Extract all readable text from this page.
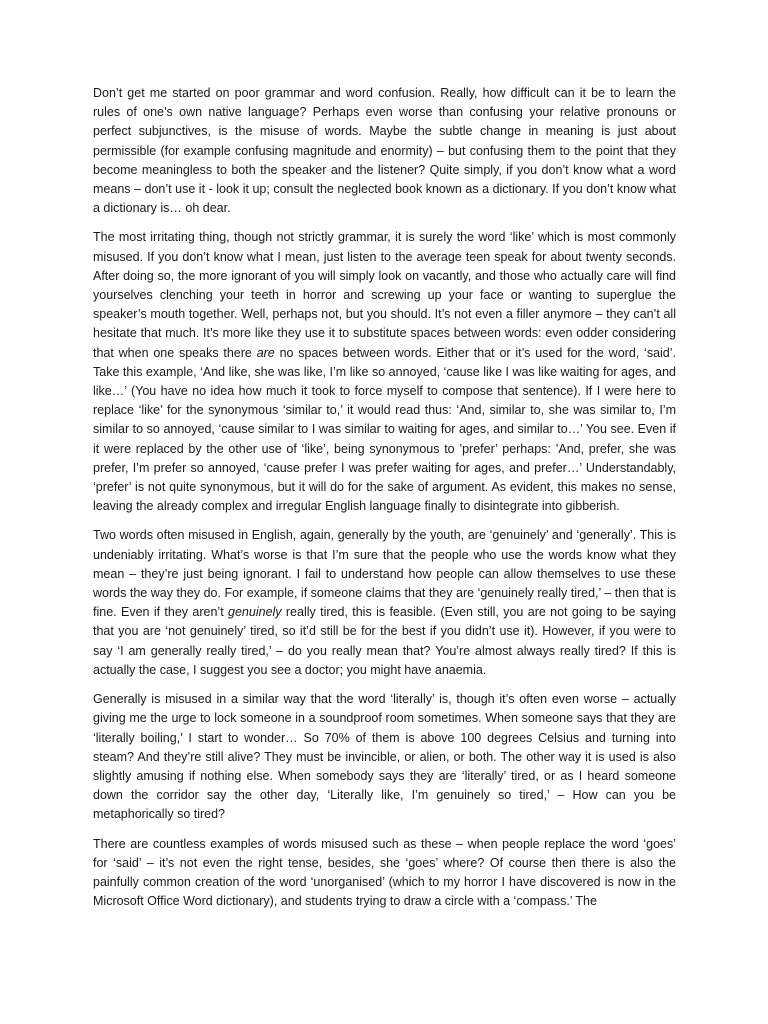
Don’t get me started on poor grammar and word confusion. Really, how difficult can it be to learn the rules of one’s own native language? Perhaps even worse than confusing your relative pronouns or perfect subjunctives, is the misuse of words. Maybe the subtle change in meaning is just about permissible (for example confusing magnitude and enormity) – but confusing them to the point that they become meaningless to both the speaker and the listener? Quite simply, if you don’t know what a word means – don’t use it - look it up; consult the neglected book known as a dictionary. If you don’t know what a dictionary is… oh dear.

The most irritating thing, though not strictly grammar, it is surely the word ‘like’ which is most commonly misused. If you don’t know what I mean, just listen to the average teen speak for about twenty seconds. After doing so, the more ignorant of you will simply look on vacantly, and those who actually care will find yourselves clenching your teeth in horror and screwing up your face or wanting to superglue the speaker’s mouth together. Well, perhaps not, but you should. It’s not even a filler anymore – they can’t all hesitate that much. It’s more like they use it to substitute spaces between words: even odder considering that when one speaks there are no spaces between words. Either that or it’s used for the word, ‘said’. Take this example, ‘And like, she was like, I’m like so annoyed, ‘cause like I was like waiting for ages, and like…’ (You have no idea how much it took to force myself to compose that sentence). If I were here to replace ‘like’ for the synonymous ‘similar to,’ it would read thus: ‘And, similar to, she was similar to, I’m similar to so annoyed, ‘cause similar to I was similar to waiting for ages, and similar to…’ You see. Even if it were replaced by the other use of ‘like’, being synonymous to ’prefer’ perhaps: ’And, prefer, she was prefer, I’m prefer so annoyed, ‘cause prefer I was prefer waiting for ages, and prefer…’ Understandably, ‘prefer’ is not quite synonymous, but it will do for the sake of argument. As evident, this makes no sense, leaving the already complex and irregular English language finally to disintegrate into gibberish.

Two words often misused in English, again, generally by the youth, are ‘genuinely’ and ‘generally’. This is undeniably irritating. What’s worse is that I’m sure that the people who use the words know what they mean – they’re just being ignorant. I fail to understand how people can allow themselves to use these words the way they do. For example, if someone claims that they are ‘genuinely really tired,’ – then that is fine. Even if they aren’t genuinely really tired, this is feasible. (Even still, you are not going to be saying that you are ‘not genuinely’ tired, so it’d still be for the best if you didn’t use it). However, if you were to say ‘I am generally really tired,’ – do you really mean that? You’re almost always really tired? If this is actually the case, I suggest you see a doctor; you might have anaemia.

Generally is misused in a similar way that the word ‘literally’ is, though it’s often even worse – actually giving me the urge to lock someone in a soundproof room sometimes. When someone says that they are ‘literally boiling,’ I start to wonder… So 70% of them is above 100 degrees Celsius and turning into steam? And they’re still alive? They must be invincible, or alien, or both. The other way it is used is also slightly amusing if nothing else. When somebody says they are ‘literally’ tired, or as I heard someone down the corridor say the other day, ‘Literally like, I’m genuinely so tired,’ – How can you be metaphorically so tired?

There are countless examples of words misused such as these – when people replace the word ‘goes’ for ‘said’ – it’s not even the right tense, besides, she ‘goes’ where? Of course then there is also the painfully common creation of the word ‘unorganised’ (which to my horror I have discovered is now in the Microsoft Office Word dictionary), and students trying to draw a circle with a ‘compass.’ The
